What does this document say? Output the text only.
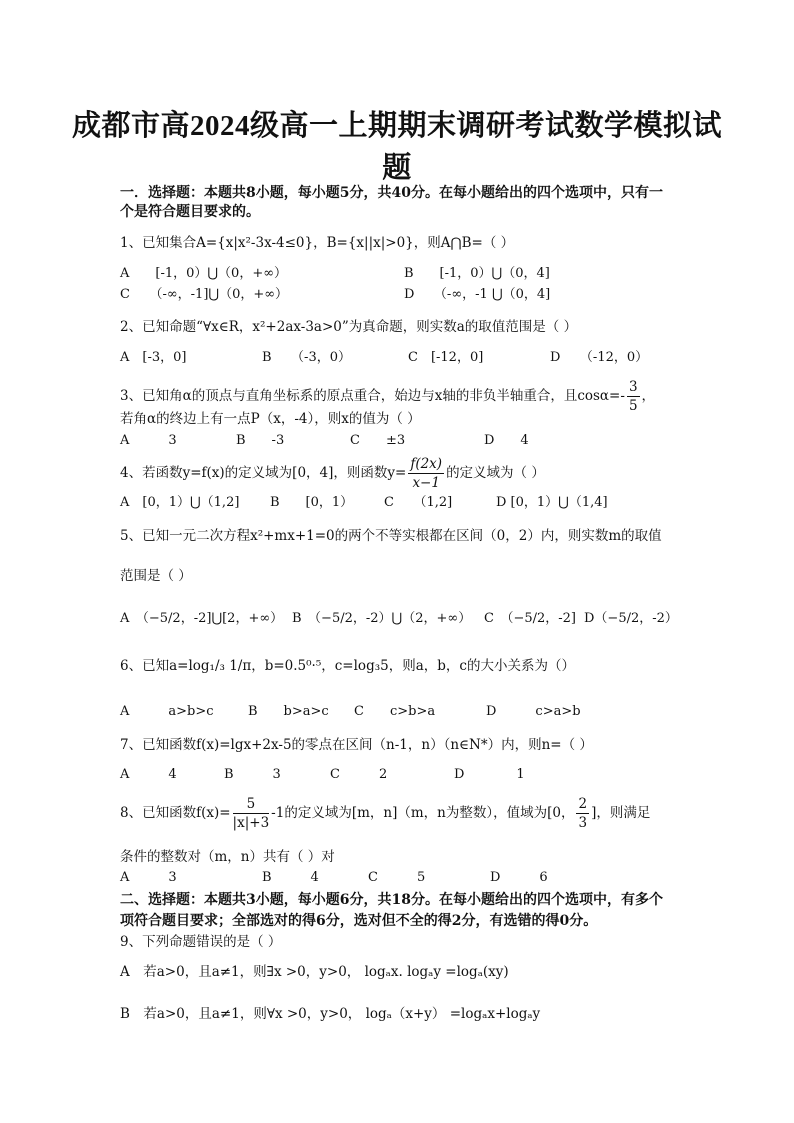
成都市高2024级高一上期期末调研考试数学模拟试
题
一．选择题：本题共8小题，每小题5分，共40分。在每小题给出的四个选项中，只有一
个是符合题目要求的。
1、已知集合A={x|x²-3x-4≤0}，B={x||x|>0}，则A⋂B=（ ）
A　　[-1，0）⋃（0，+∞）	B　　[-1，0）⋃（0，4]
C　　（-∞，-1]⋃（0，+∞）	D　　（-∞，-1 ⋃（0，4]
2、已知命题“∀x∈R，x²+2ax-3a>0”为真命题，则实数a的取值范围是（ ）
A　[-3，0]	B　　（-3，0）	C　[-12，0]	D　　（-12，0）
3、已知角α的顶点与直角坐标系的原点重合，始边与x轴的非负半轴重合，且$\cos\alpha=- \frac{3}{5}$ ，
若角α的终边上有一点P（x，-4），则x的值为（ ）
A　　　3	B　　-3	C　　±3	D　　4
4、若函数y=f(x)的定义域为[0，4]，则函数$y= \frac{f(2x)}{x-1}$ 的定义域为（ ）
A　[0，1）⋃（1,2] B　　[0，1） C　　（1,2]	D [0，1）⋃（1,4]
5、已知一元二次方程x²+mx+1=0的两个不等实根都在区间（0，2）内，则实数m的取值
范围是（ ）
A　（−5/2，-2]⋃[2，+∞） B　（−5/2，-2）⋃（2，+∞） C　（−5/2，-2] D（−5/2，-2）
6、已知a=log₁/₃ 1/π，b=0.5⁰·⁵，c=log₃5，则a，b，c的大小关系为（）
A　　　a>b>c	B　　b>a>c C　　c>b>a	D　　　c>a>b
7、已知函数f(x)=lgx+2x-5的零点在区间（n-1，n）（n∈N*）内，则n=（ ）
A　　　4	B　　　3	C　　　2	D　　　　1
8、已知函数$f(x)= \frac{5}{|x|+3} -1$的定义域为[m，n]（m，n为整数），值域为[0， $\frac{2}{3}$ ]，则满足
条件的整数对（m，n）共有（ ）对
A　　　3	B　　　4	C　　　5	D　　　6
二、选择题：本题共3小题，每小题6分，共18分。在每小题给出的四个选项中，有多个
项符合题目要求；全部选对的得6分，选对但不全的得2分，有选错的得0分。
9、下列命题错误的是（ ）
A　若a>0，且a≠1，则∃x >0，y>0， logₐx. logₐy =logₐ(xy)
B　若a>0，且a≠1，则∀x >0，y>0， logₐ（x+y） =logₐx+logₐy
